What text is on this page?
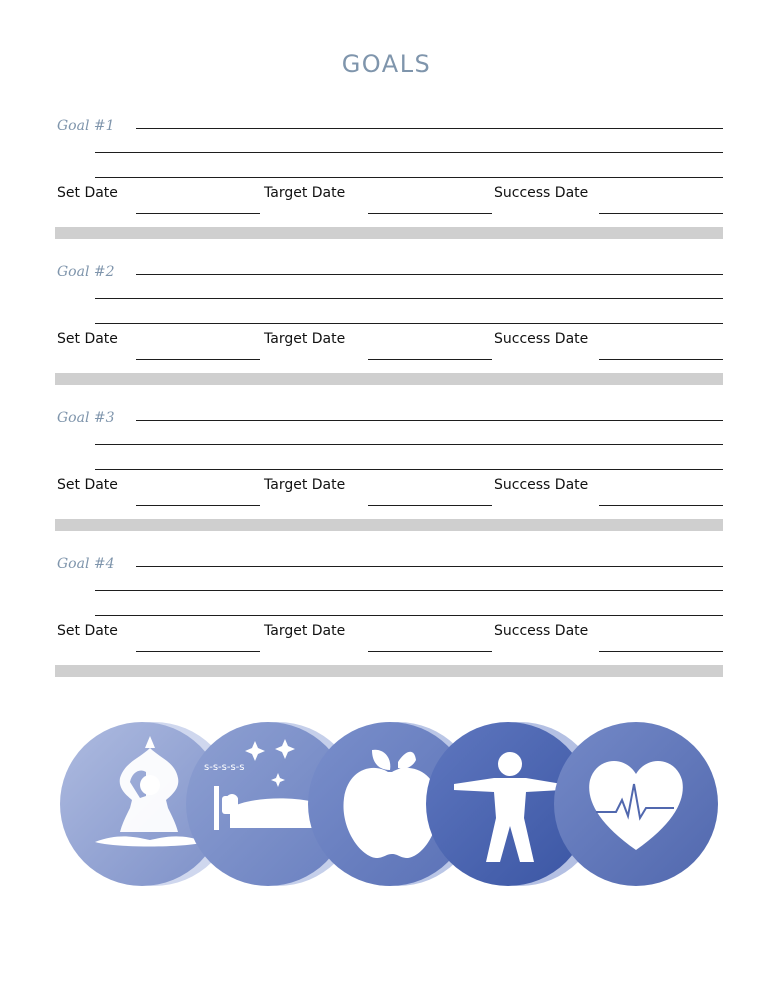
GOALS
Goal #1
Set Date	Target Date	Success Date
Goal #2
Set Date	Target Date	Success Date
Goal #3
Set Date	Target Date	Success Date
Goal #4
Set Date	Target Date	Success Date
s-s-s-s-s
